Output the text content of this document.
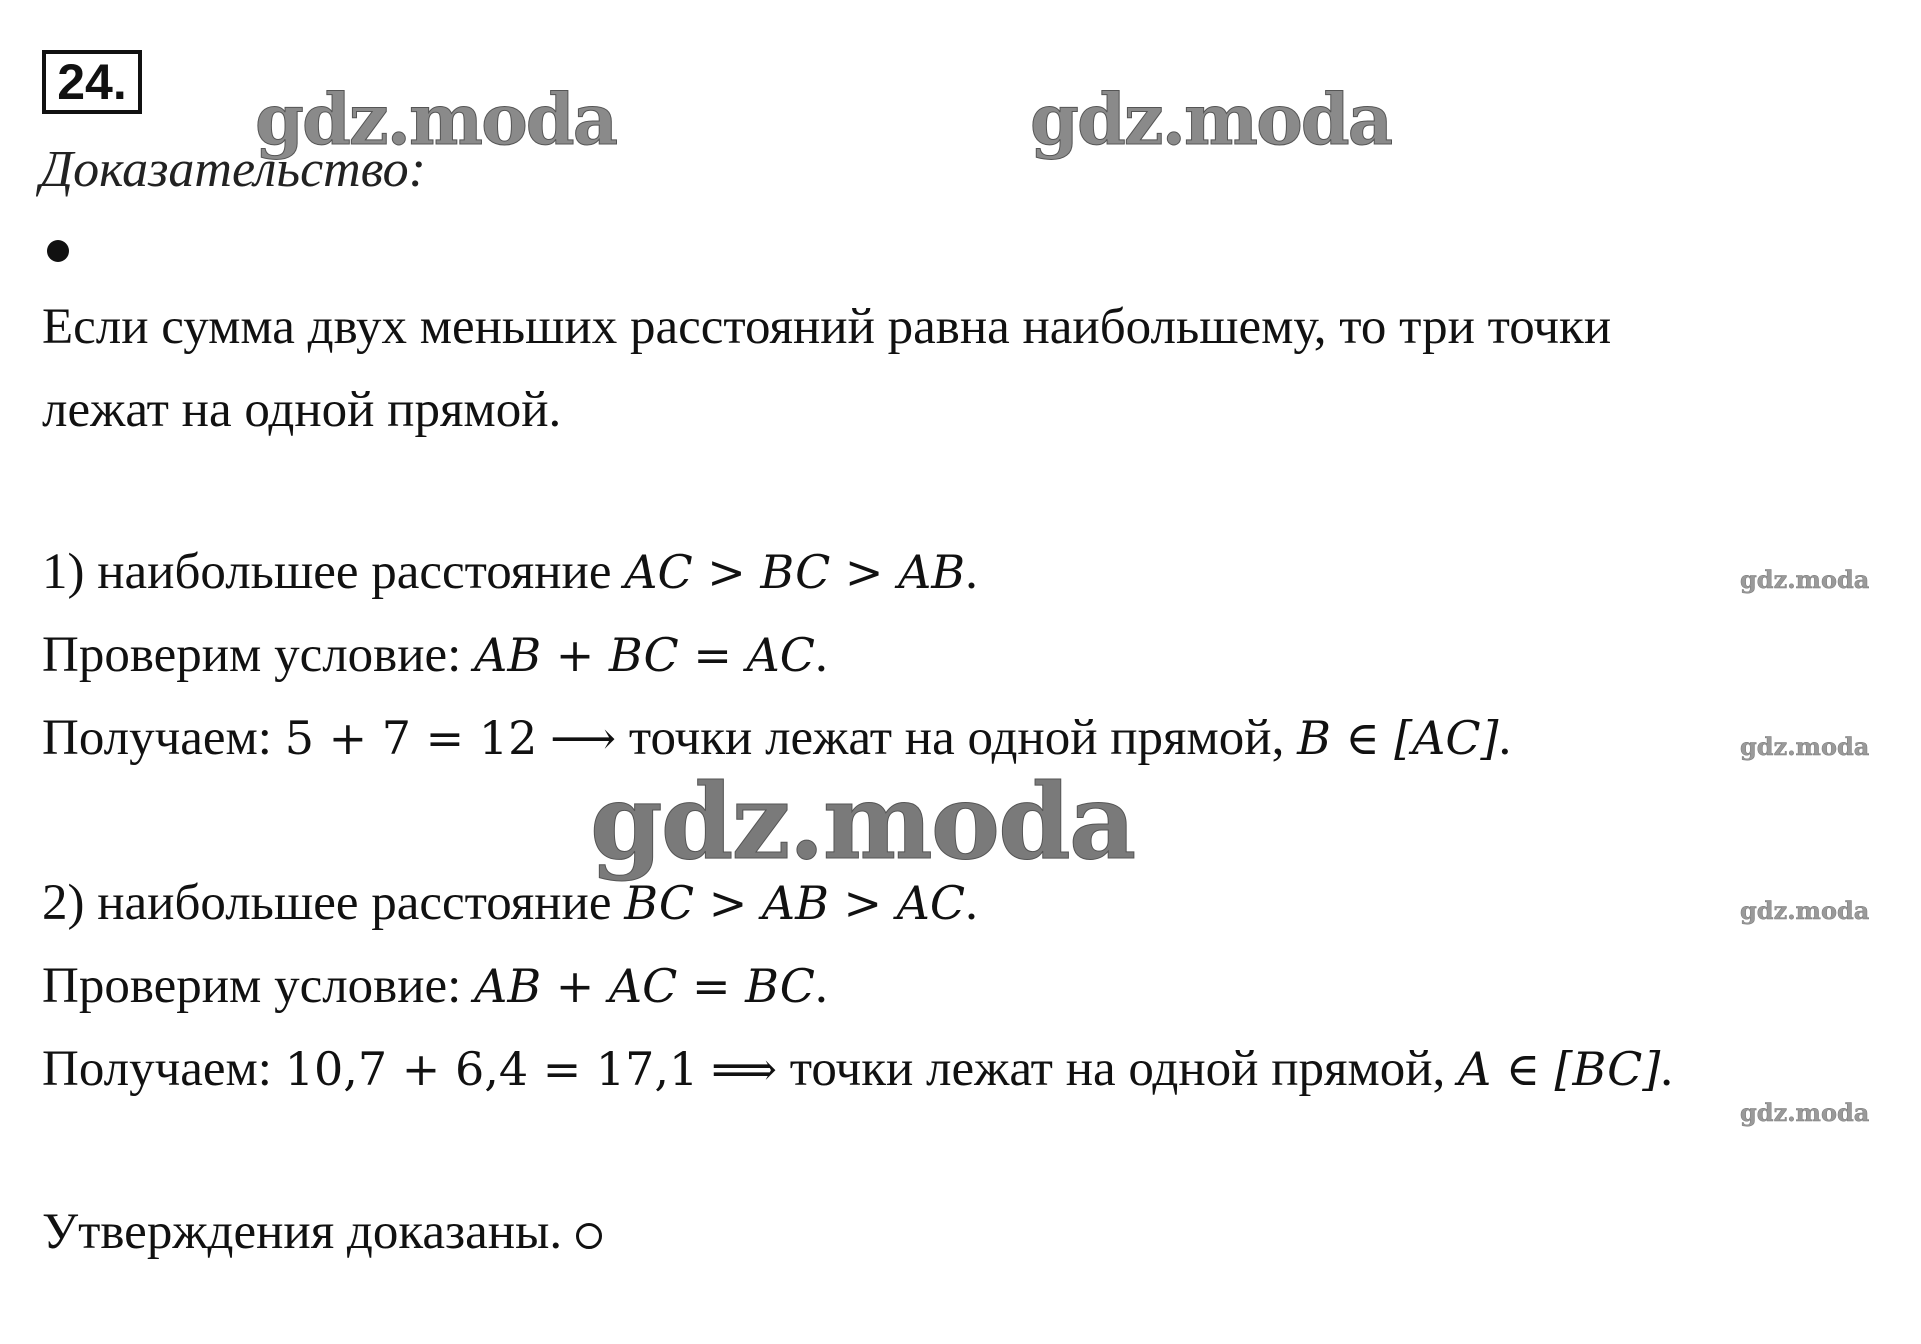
24. gdz.moda	gdz.moda
Доказательство:
Если сумма двух меньших расстояний равна наибольшему, то три точки
лежат на одной прямой.
1) наибольшее расстояние AC > BC > AB.
Проверим условие: AB + BC = AC.
Получаем: 5 + 7 = 12 ⟶ точки лежат на одной прямой, B ∈ [AC].
gdz.moda
gdz.moda
gdz.moda
2) наибольшее расстояние BC > AB > AC.
Проверим условие: AB + AC = BC.
Получаем: 10,7 + 6,4 = 17,1 ⟹ точки лежат на одной прямой, A ∈ [BC].
gdz.moda
gdz.moda
Утверждения доказаны.
